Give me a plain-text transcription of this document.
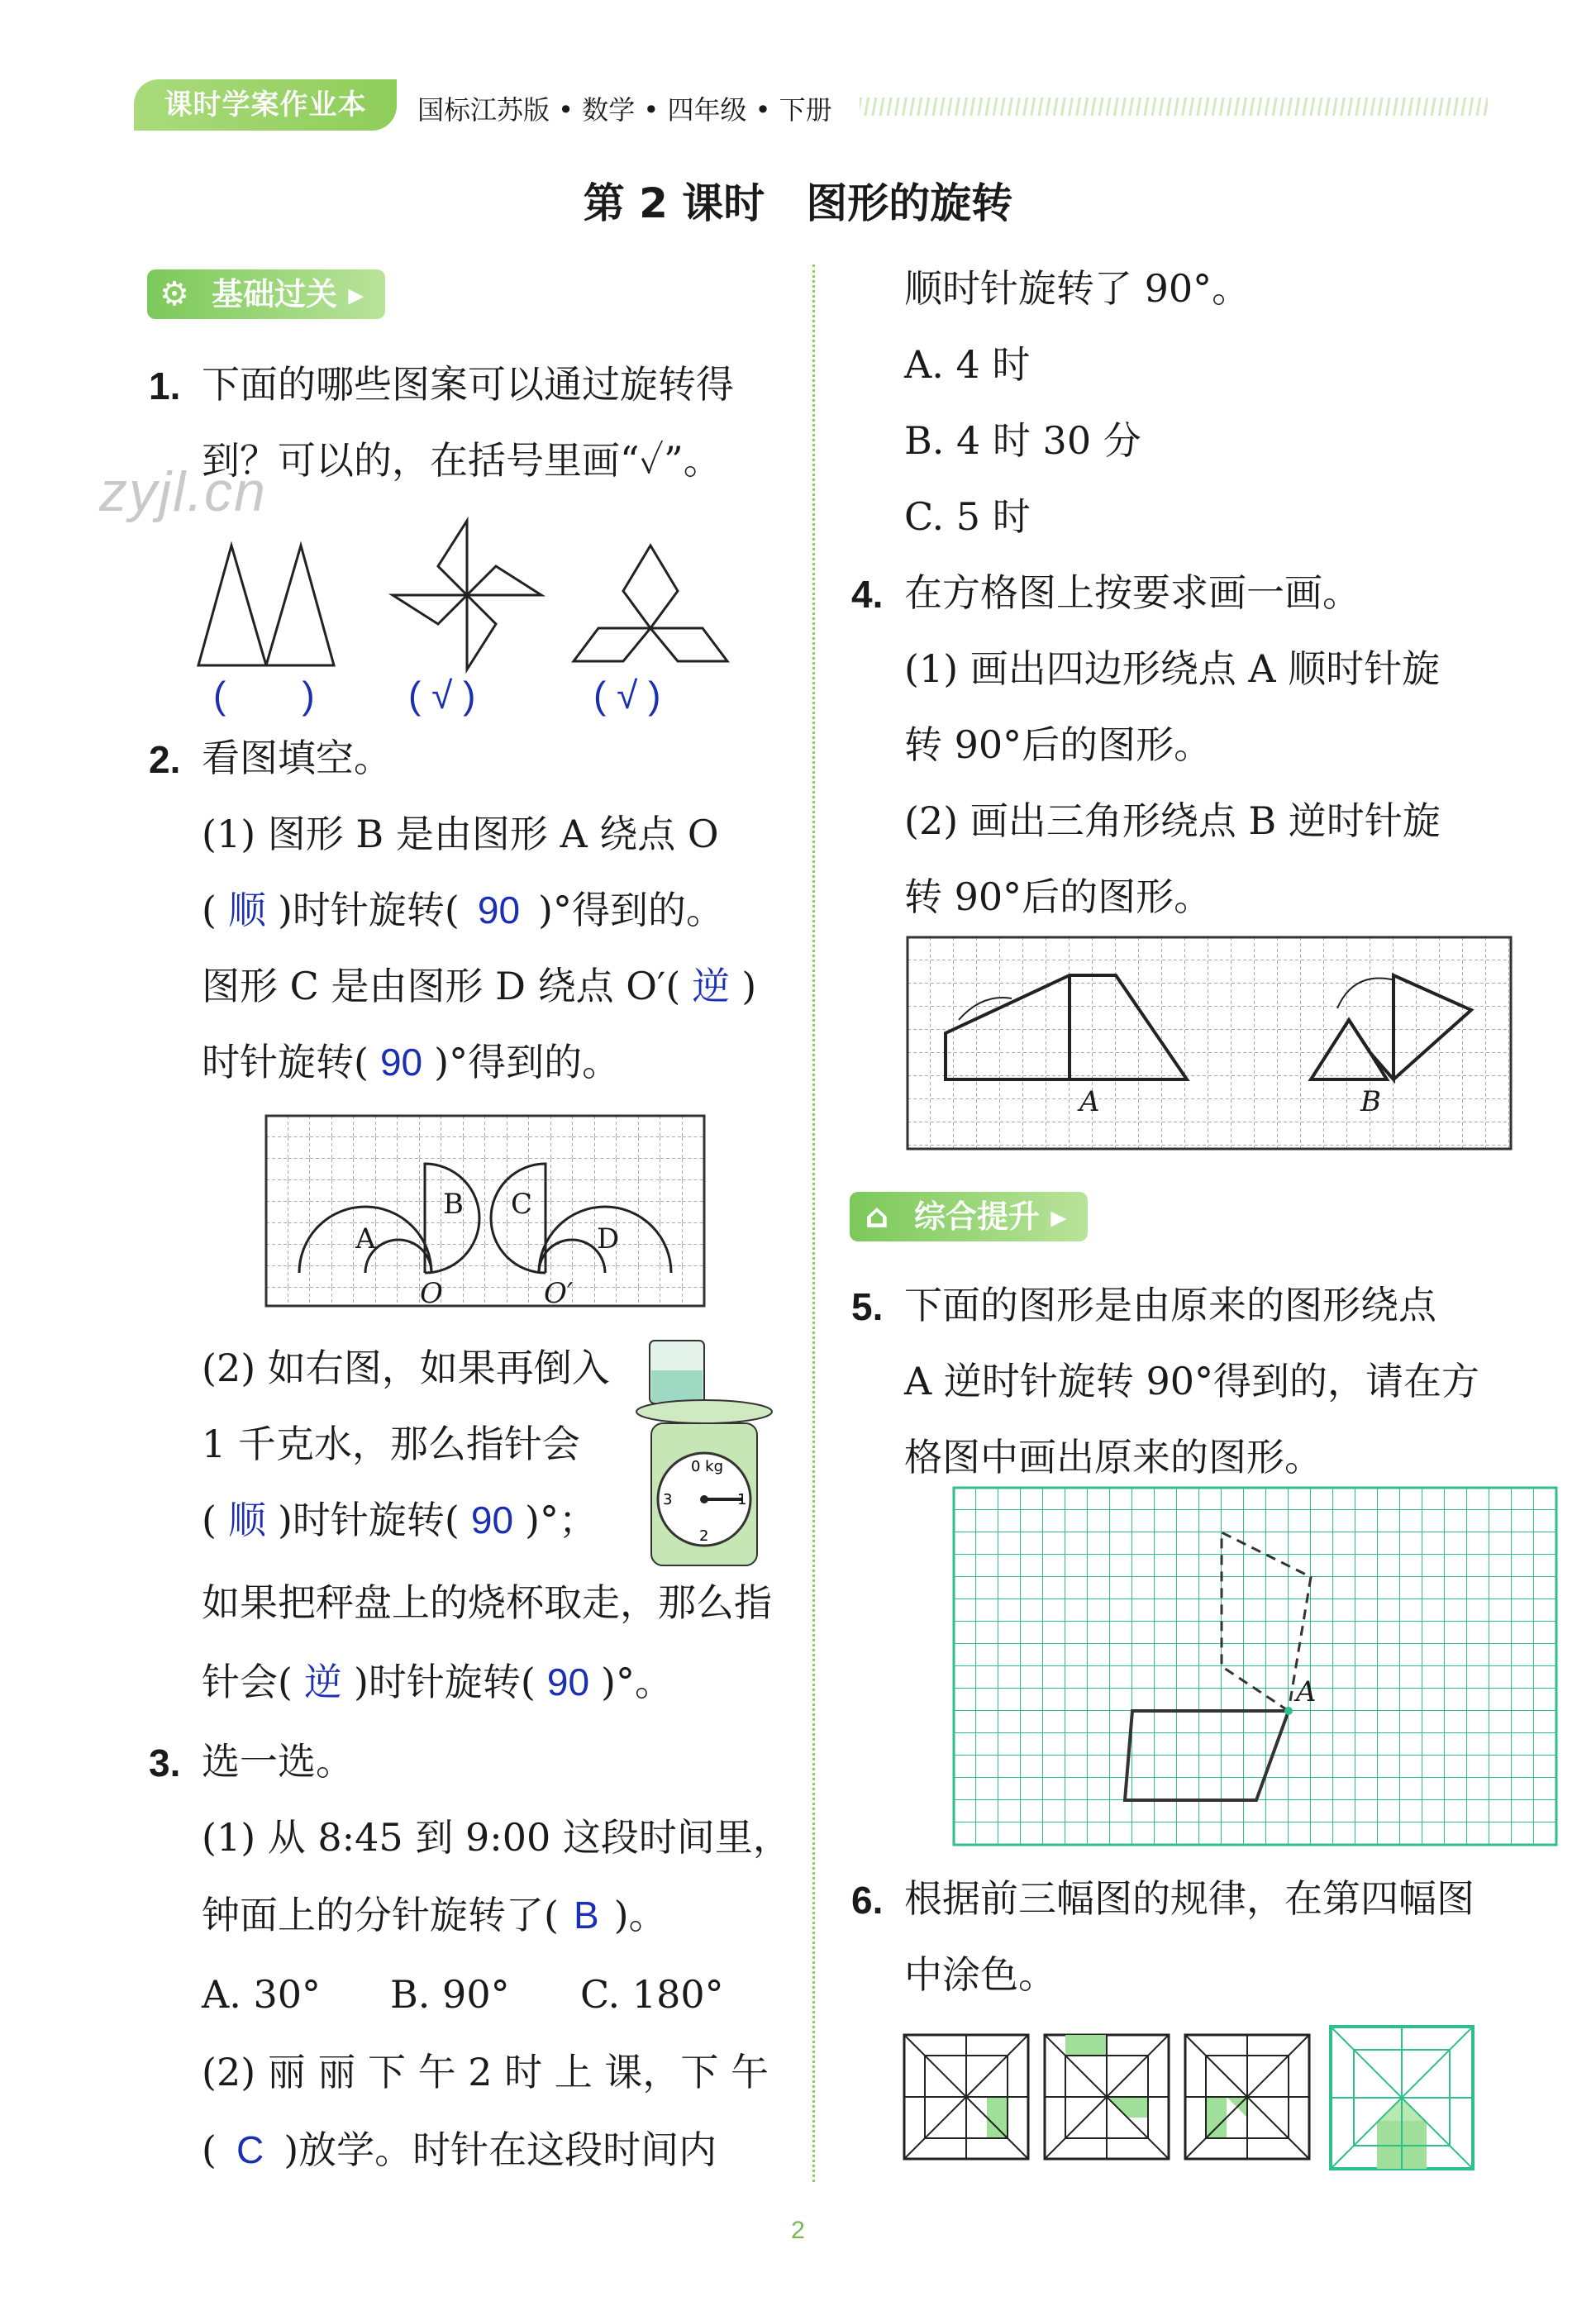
课时学案作业本	国标江苏版 • 数学 • 四年级 • 下册
第 2 课时　图形的旋转
zyjl.cn
⚙ 基础过关 ▸
1. 下面的哪些图案可以通过旋转得
到？可以的，在括号里画“✓”。
(　　) ( √ )	( √ )
2. 看图填空。
(1) 图形 B 是由图形 A 绕点 O
( 顺 )时针旋转( 90 )°得到的。
图形 C 是由图形 D 绕点 O′( 逆 )
时针旋转( 90 )°得到的。
A
B C
D
O	O′
(2) 如右图，如果再倒入
1 千克水，那么指针会
( 顺 )时针旋转( 90 )°；
如果把秤盘上的烧杯取走，那么指
针会( 逆 )时针旋转( 90 )°。
0 kg
3	1
2
3. 选一选。
(1) 从 8:45 到 9:00 这段时间里，
钟面上的分针旋转了( B )。
A. 30° B. 90° C. 180°
(2) 丽 丽 下 午 2 时 上 课，下 午
( C )放学。时针在这段时间内
顺时针旋转了 90°。
A. 4 时
B. 4 时 30 分
C. 5 时
4. 在方格图上按要求画一画。
(1) 画出四边形绕点 A 顺时针旋
转 90°后的图形。
(2) 画出三角形绕点 B 逆时针旋
转 90°后的图形。
A	B
⌂ 综合提升 ▸
5. 下面的图形是由原来的图形绕点
A 逆时针旋转 90°得到的，请在方
格图中画出原来的图形。
A
6. 根据前三幅图的规律，在第四幅图
中涂色。
2
